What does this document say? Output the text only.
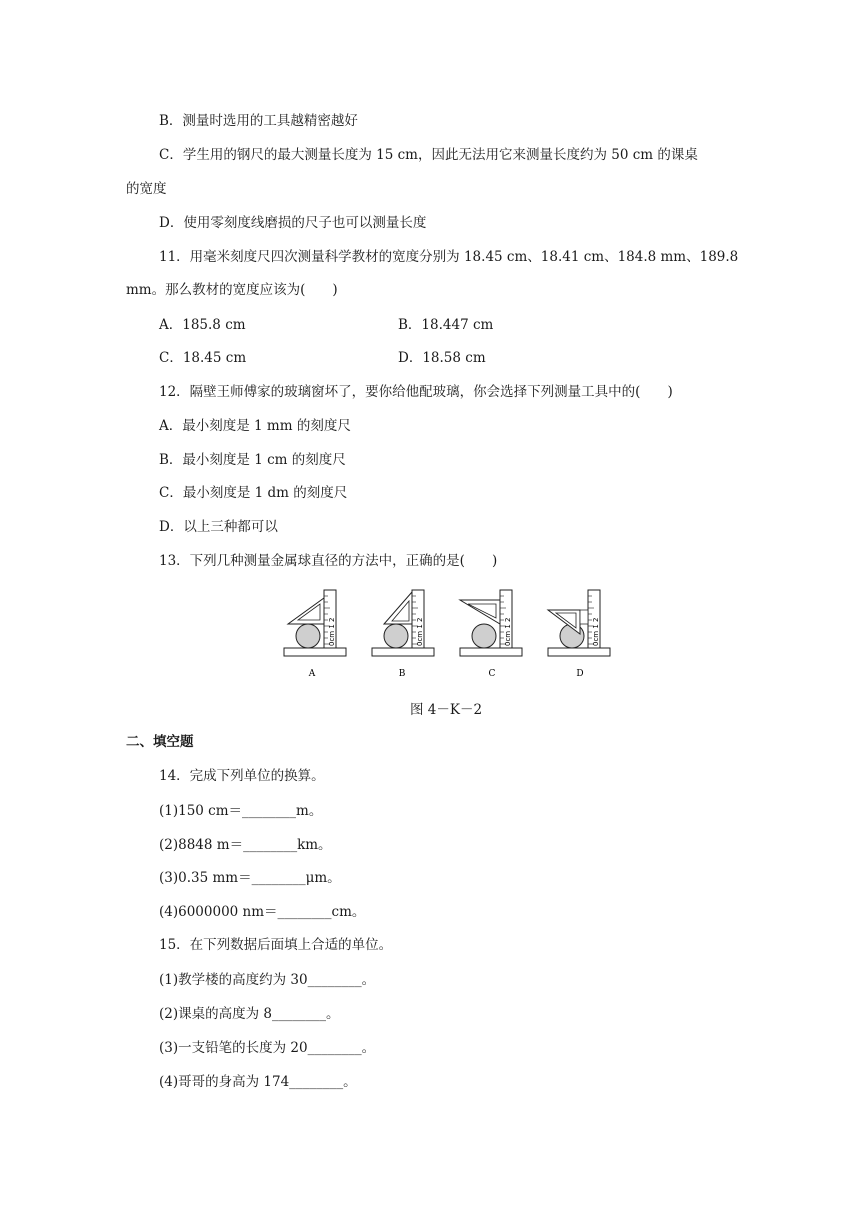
B．测量时选用的工具越精密越好
C．学生用的钢尺的最大测量长度为 15 cm，因此无法用它来测量长度约为 50 cm 的课桌
的宽度
D．使用零刻度线磨损的尺子也可以测量长度
11．用毫米刻度尺四次测量科学教材的宽度分别为 18.45 cm、18.41 cm、184.8 mm、189.8
mm。那么教材的宽度应该为(　　)
A．185.8 cm	B．18.447 cm
C．18.45 cm	D．18.58 cm
12．隔壁王师傅家的玻璃窗坏了，要你给他配玻璃，你会选择下列测量工具中的(　　)
A．最小刻度是 1 mm 的刻度尺
B．最小刻度是 1 cm 的刻度尺
C．最小刻度是 1 dm 的刻度尺
D．以上三种都可以
13．下列几种测量金属球直径的方法中，正确的是(　　)
0cm 1 2
A
0cm 1 2
B
0cm 1 2
C
0cm 1 2
D
图 4－K－2
二、填空题
14．完成下列单位的换算。
(1)150 cm＝________m。
(2)8848 m＝________km。
(3)0.35 mm＝________μm。
(4)6000000 nm＝________cm。
15．在下列数据后面填上合适的单位。
(1)教学楼的高度约为 30________。
(2)课桌的高度为 8________。
(3)一支铅笔的长度为 20________。
(4)哥哥的身高为 174________。
